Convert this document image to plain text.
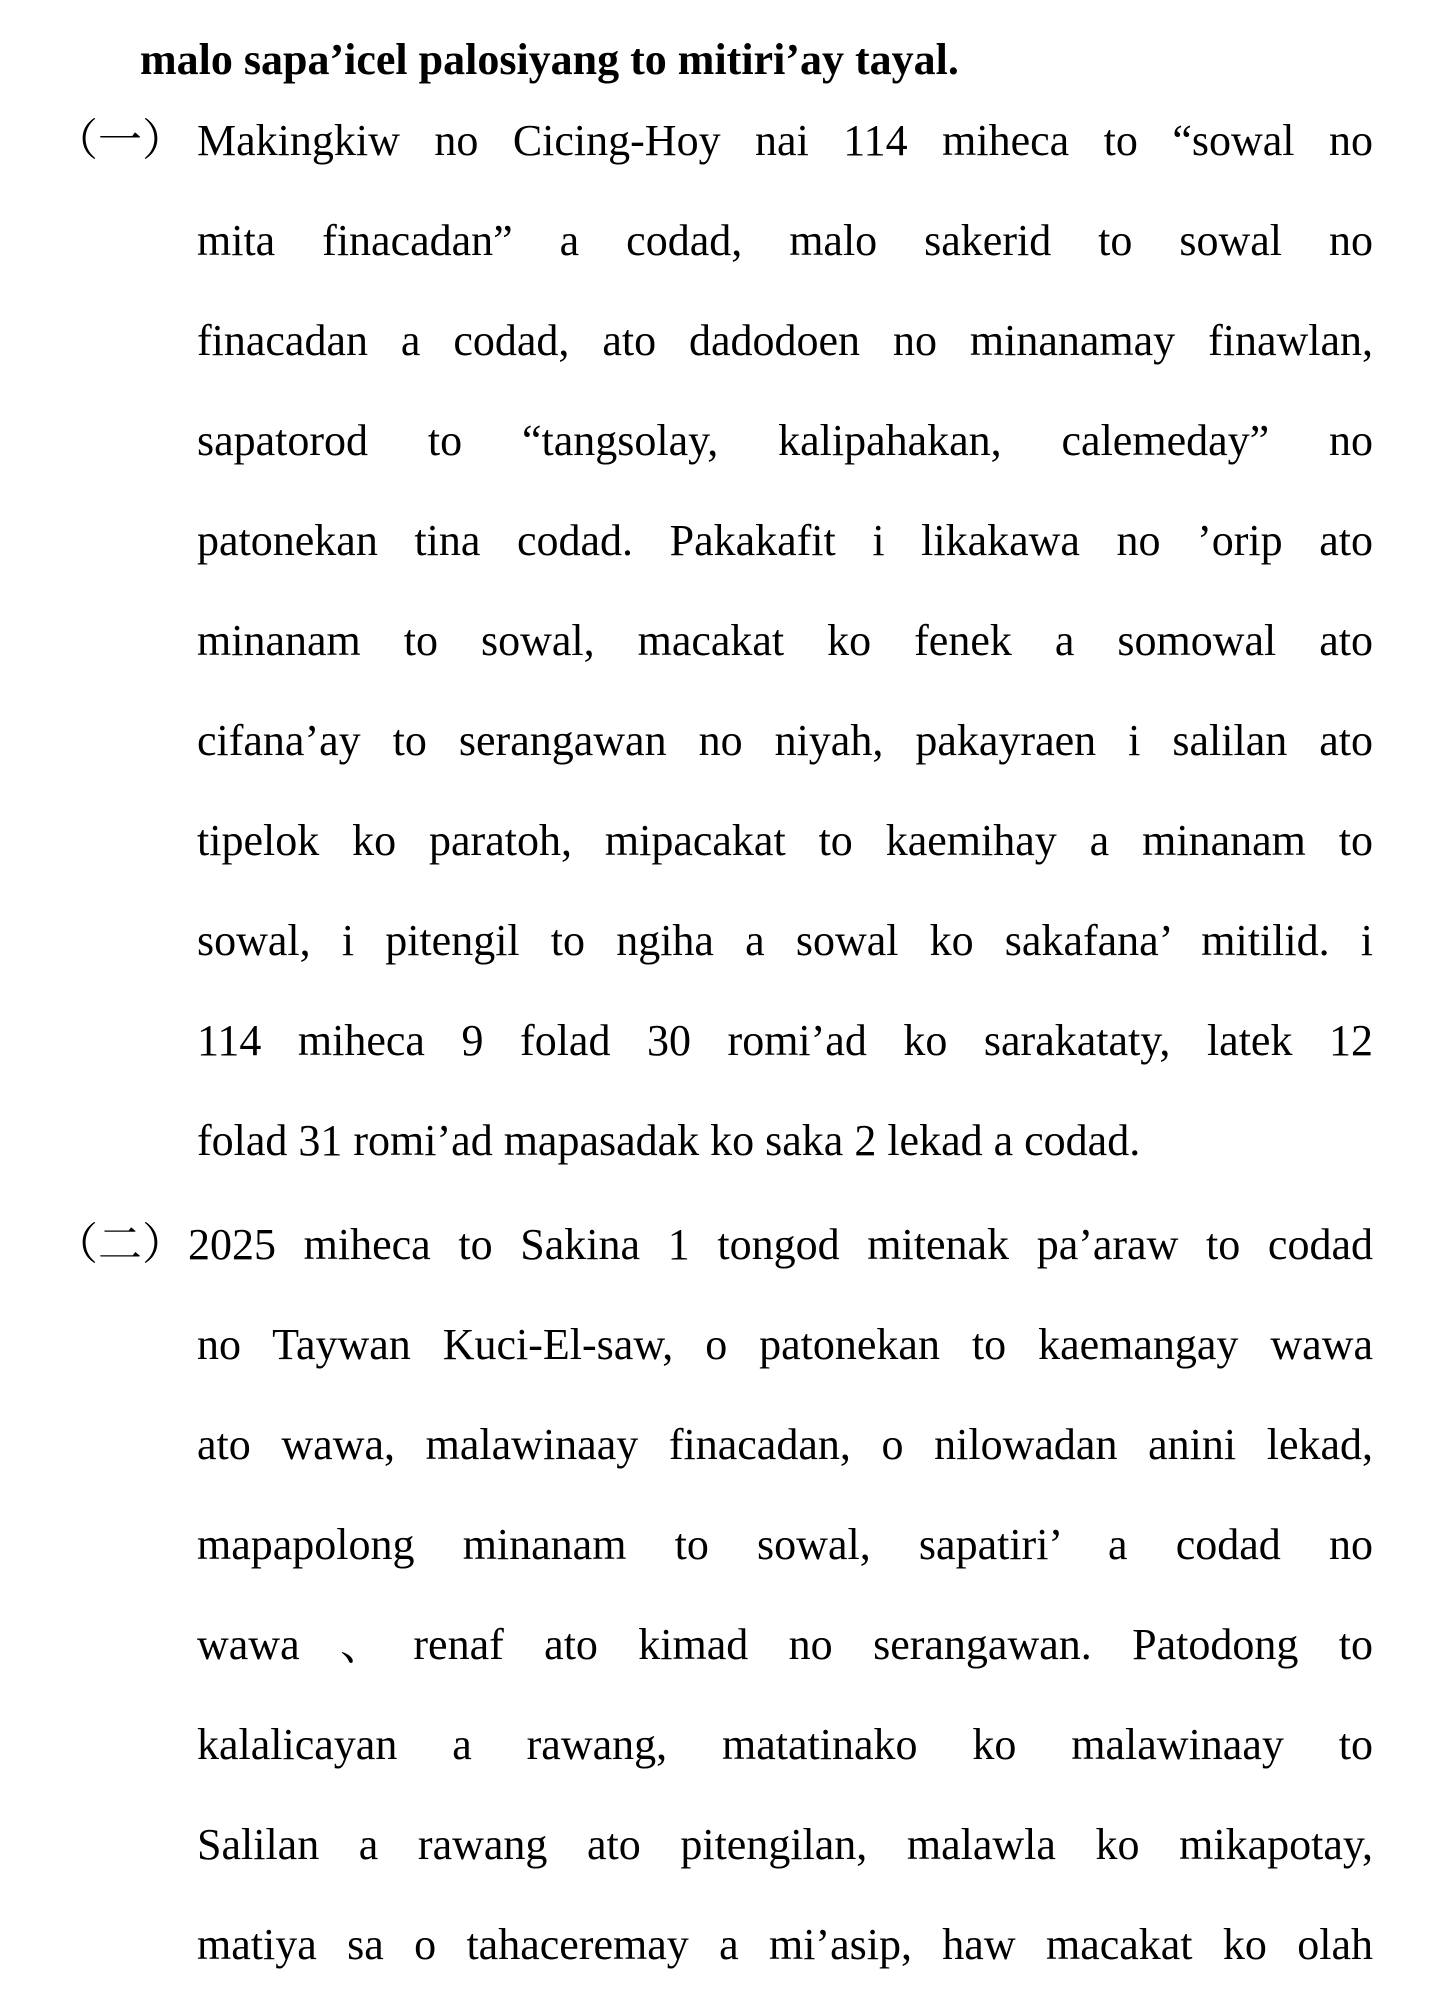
malo sapa’icel palosiyang to mitiri’ay tayal.
（一） Makingkiw no Cicing-Hoy nai 114 miheca to “sowal no
mita finacadan” a codad, malo sakerid to sowal no
finacadan a codad, ato dadodoen no minanamay finawlan,
sapatorod to “tangsolay, kalipahakan, calemeday” no
patonekan tina codad. Pakakafit i likakawa no ’orip ato
minanam to sowal, macakat ko fenek a somowal ato
cifana’ay to serangawan no niyah, pakayraen i salilan ato
tipelok ko paratoh, mipacakat to kaemihay a minanam to
sowal, i pitengil to ngiha a sowal ko sakafana’ mitilid. i
114 miheca 9 folad 30 romi’ad ko sarakataty, latek 12
folad 31 romi’ad mapasadak ko saka 2 lekad a codad.
（二） 2025 miheca to Sakina 1 tongod mitenak pa’araw to codad
no Taywan Kuci-El-saw, o patonekan to kaemangay wawa
ato wawa, malawinaay finacadan, o nilowadan anini lekad,
mapapolong minanam to sowal, sapatiri’ a codad no
wawa 、renaf ato kimad no serangawan. Patodong to
kalalicayan a rawang, matatinako ko malawinaay to
Salilan a rawang ato pitengilan, malawla ko mikapotay,
matiya sa o tahaceremay a mi’asip, haw macakat ko olah
